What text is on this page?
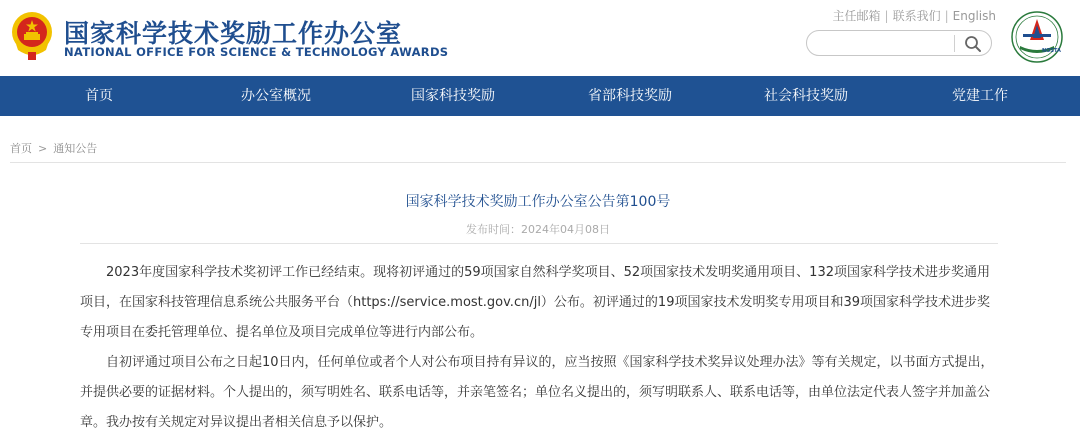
国家科学技术奖励工作办公室
NATIONAL OFFICE FOR SCIENCE & TECHNOLOGY AWARDS
主任邮箱 | 联系我们 | English
NOSTA
首页	办公室概况	国家科技奖励	省部科技奖励	社会科技奖励	党建工作
首页 > 通知公告
国家科学技术奖励工作办公室公告第100号
发布时间：2024年04月08日

2023年度国家科学技术奖初评工作已经结束。现将初评通过的59项国家自然科学奖项目、52项国家技术发明奖通用项目、132项国家科学技术进步奖通用项目，在国家科技管理信息系统公共服务平台（https://service.most.gov.cn/jl）公布。初评通过的19项国家技术发明奖专用项目和39项国家科学技术进步奖专用项目在委托管理单位、提名单位及项目完成单位等进行内部公布。

自初评通过项目公布之日起10日内，任何单位或者个人对公布项目持有异议的，应当按照《国家科学技术奖异议处理办法》等有关规定，以书面方式提出，并提供必要的证据材料。个人提出的，须写明姓名、联系电话等，并亲笔签名；单位名义提出的，须写明联系人、联系电话等，由单位法定代表人签字并加盖公章。我办按有关规定对异议提出者相关信息予以保护。
